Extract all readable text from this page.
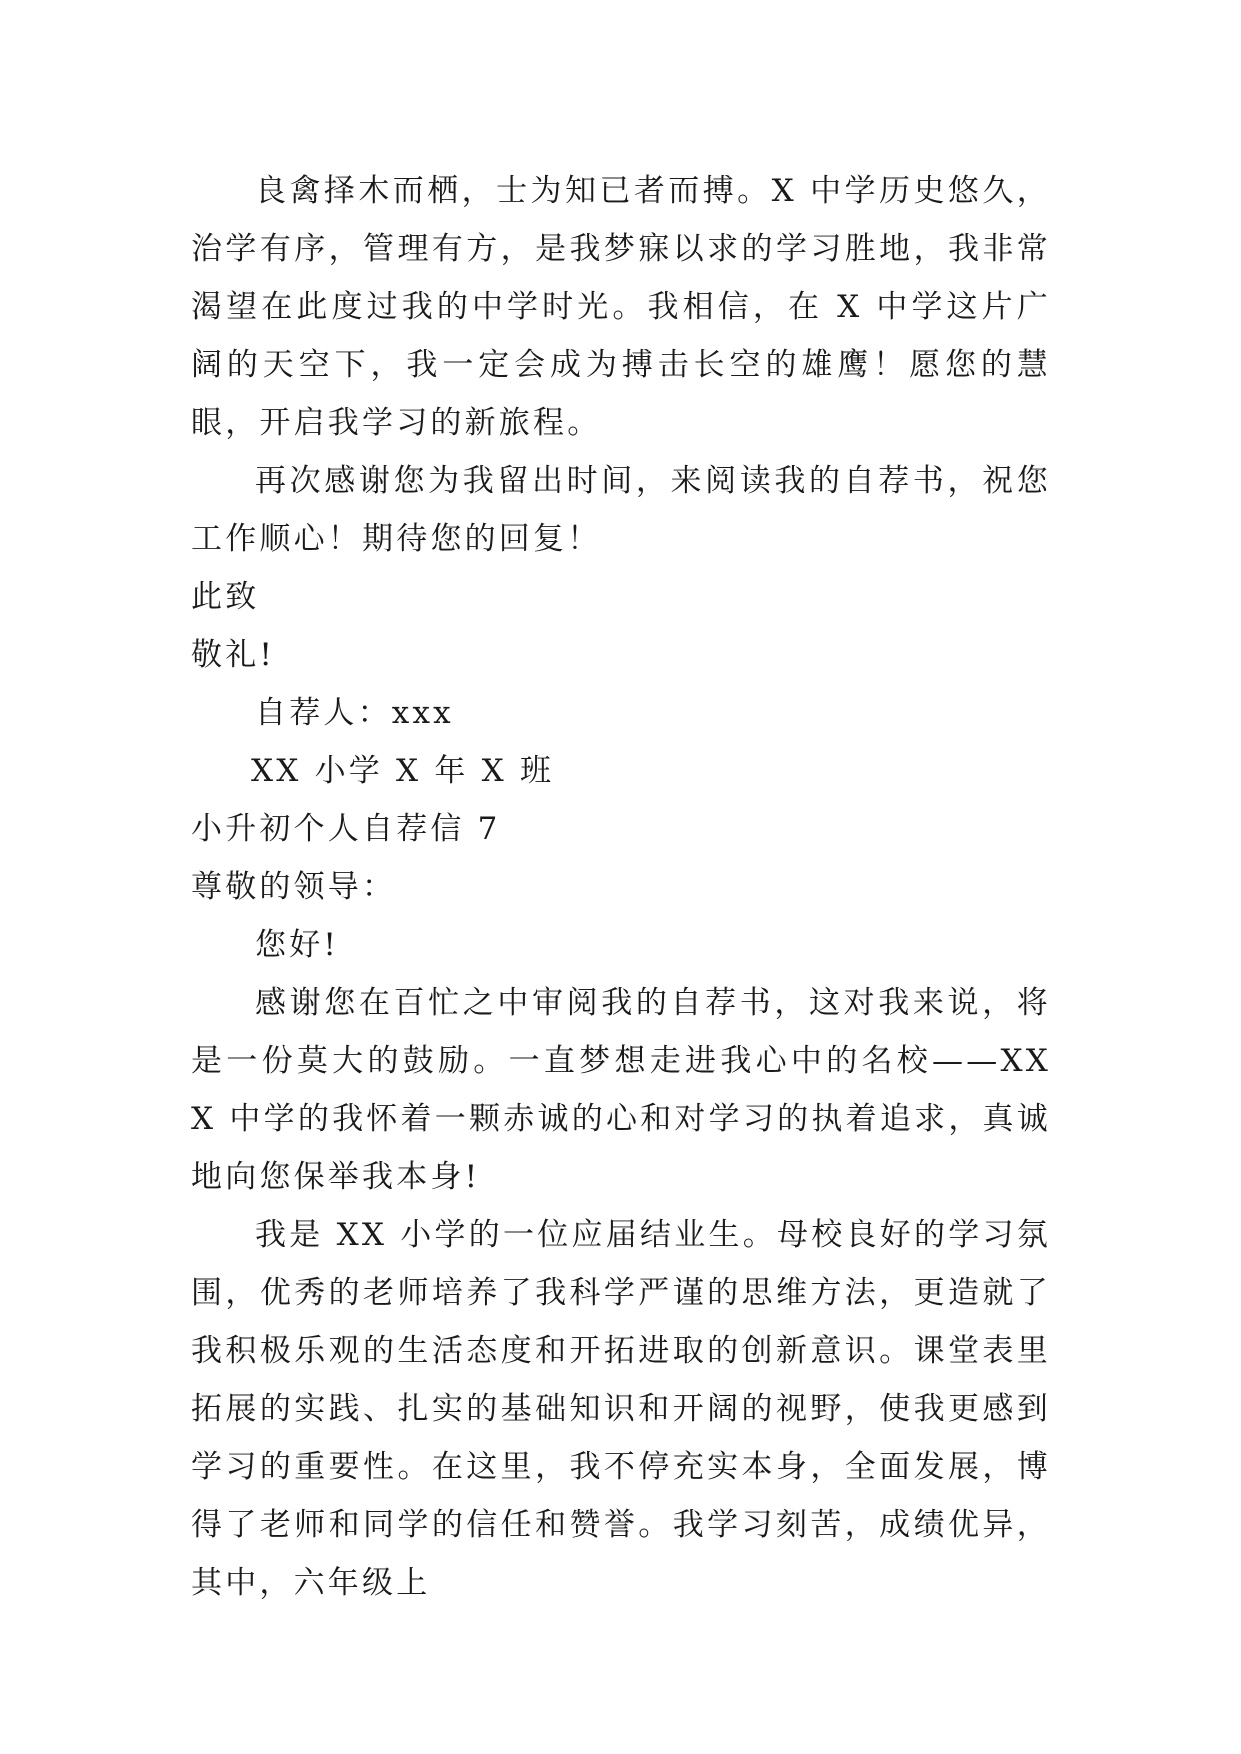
良禽择木而栖，士为知已者而搏。X 中学历史悠久，治学有序，管理有方，是我梦寐以求的学习胜地，我非常渴望在此度过我的中学时光。我相信，在 X 中学这片广阔的天空下，我一定会成为搏击长空的雄鹰！愿您的慧眼，开启我学习的新旅程。

再次感谢您为我留出时间，来阅读我的自荐书，祝您工作顺心！期待您的回复！

此致

敬礼!

自荐人：xxx

XX 小学 X 年 X 班

小升初个人自荐信 7

尊敬的领导：

您好!

感谢您在百忙之中审阅我的自荐书，这对我来说，将是一份莫大的鼓励。一直梦想走进我心中的名校——XXX 中学的我怀着一颗赤诚的心和对学习的执着追求，真诚地向您保举我本身!

我是 XX 小学的一位应届结业生。母校良好的学习氛围，优秀的老师培养了我科学严谨的思维方法，更造就了我积极乐观的生活态度和开拓进取的创新意识。课堂表里拓展的实践、扎实的基础知识和开阔的视野，使我更感到学习的重要性。在这里，我不停充实本身，全面发展，博得了老师和同学的信任和赞誉。我学习刻苦，成绩优异，其中，六年级上
